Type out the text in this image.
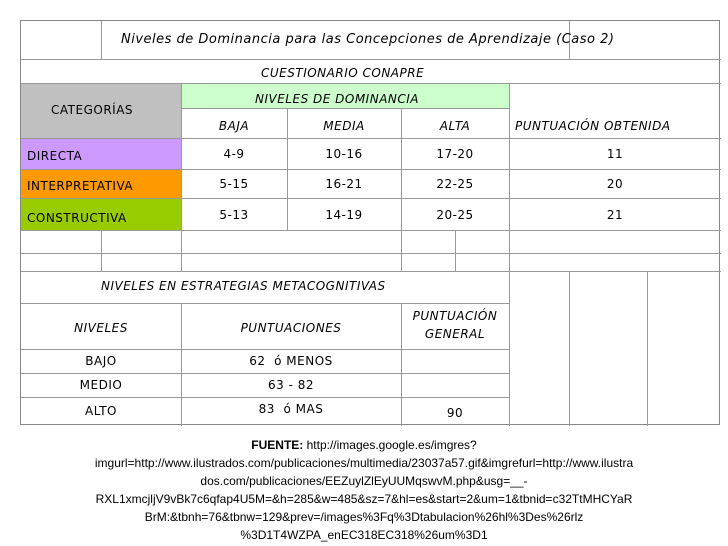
Niveles de Dominancia para las Concepciones de Aprendizaje (Caso 2)
CUESTIONARIO CONAPRE
CATEGORÍAS
NIVELES DE DOMINANCIA
BAJA	MEDIA	ALTA	PUNTUACIÓN OBTENIDA
DIRECTA	4-9	10-16	17-20	11
INTERPRETATIVA	5-15	16-21	22-25	20
CONSTRUCTIVA	5-13	14-19	20-25	21
NIVELES EN ESTRATEGIAS METACOGNITIVAS
NIVELES	PUNTUACIONES
PUNTUACIÓN
GENERAL
BAJO	62  ó MENOS
MEDIO	63 - 82
ALTO	83  ó MAS	90
FUENTE: http://images.google.es/imgres?
imgurl=http://www.ilustrados.com/publicaciones/multimedia/23037a57.gif&imgrefurl=http://www.ilustra
dos.com/publicaciones/EEZuylZlEyUUMqswvM.php&usg=__-
RXL1xmcjljV9vBk7c6qfap4U5M=&h=285&w=485&sz=7&hl=es&start=2&um=1&tbnid=c32TtMHCYaR
BrM:&tbnh=76&tbnw=129&prev=/images%3Fq%3Dtabulacion%26hl%3Des%26rlz
%3D1T4WZPA_enEC318EC318%26um%3D1
